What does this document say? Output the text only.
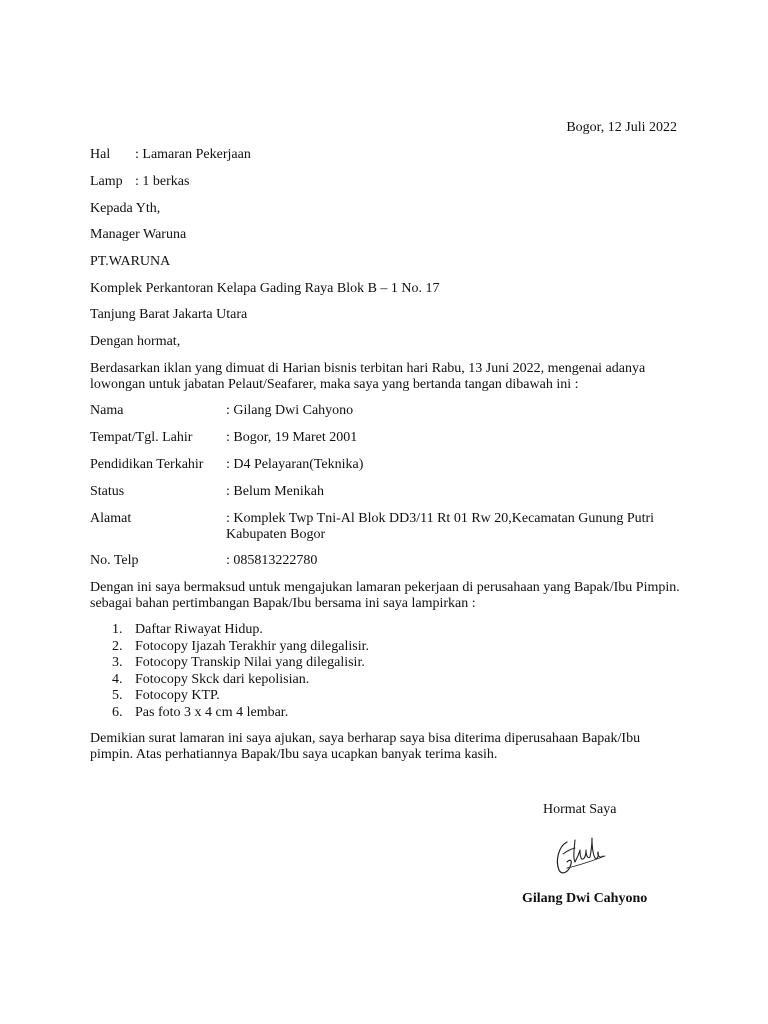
Bogor, 12 Juli 2022
Hal : Lamaran Pekerjaan
Lamp : 1 berkas
Kepada Yth,
Manager Waruna
PT.WARUNA
Komplek Perkantoran Kelapa Gading Raya Blok B – 1 No. 17
Tanjung Barat Jakarta Utara
Dengan hormat,
Berdasarkan iklan yang dimuat di Harian bisnis terbitan hari Rabu, 13 Juni 2022, mengenai adanya
lowongan untuk jabatan Pelaut/Seafarer, maka saya yang bertanda tangan dibawah ini :
Nama	: Gilang Dwi Cahyono
Tempat/Tgl. Lahir : Bogor, 19 Maret 2001
Pendidikan Terkahir : D4 Pelayaran(Teknika)
Status	: Belum Menikah
Alamat	: Komplek Twp Tni-Al Blok DD3/11 Rt 01 Rw 20,Kecamatan Gunung Putri
Kabupaten Bogor
No. Telp	: 085813222780
Dengan ini saya bermaksud untuk mengajukan lamaran pekerjaan di perusahaan yang Bapak/Ibu Pimpin.
sebagai bahan pertimbangan Bapak/Ibu bersama ini saya lampirkan :
1. Daftar Riwayat Hidup.
2. Fotocopy Ijazah Terakhir yang dilegalisir.
3. Fotocopy Transkip Nilai yang dilegalisir.
4. Fotocopy Skck dari kepolisian.
5. Fotocopy KTP.
6. Pas foto 3 x 4 cm 4 lembar.
Demikian surat lamaran ini saya ajukan, saya berharap saya bisa diterima diperusahaan Bapak/Ibu
pimpin. Atas perhatiannya Bapak/Ibu saya ucapkan banyak terima kasih.
Hormat Saya
Gilang Dwi Cahyono
